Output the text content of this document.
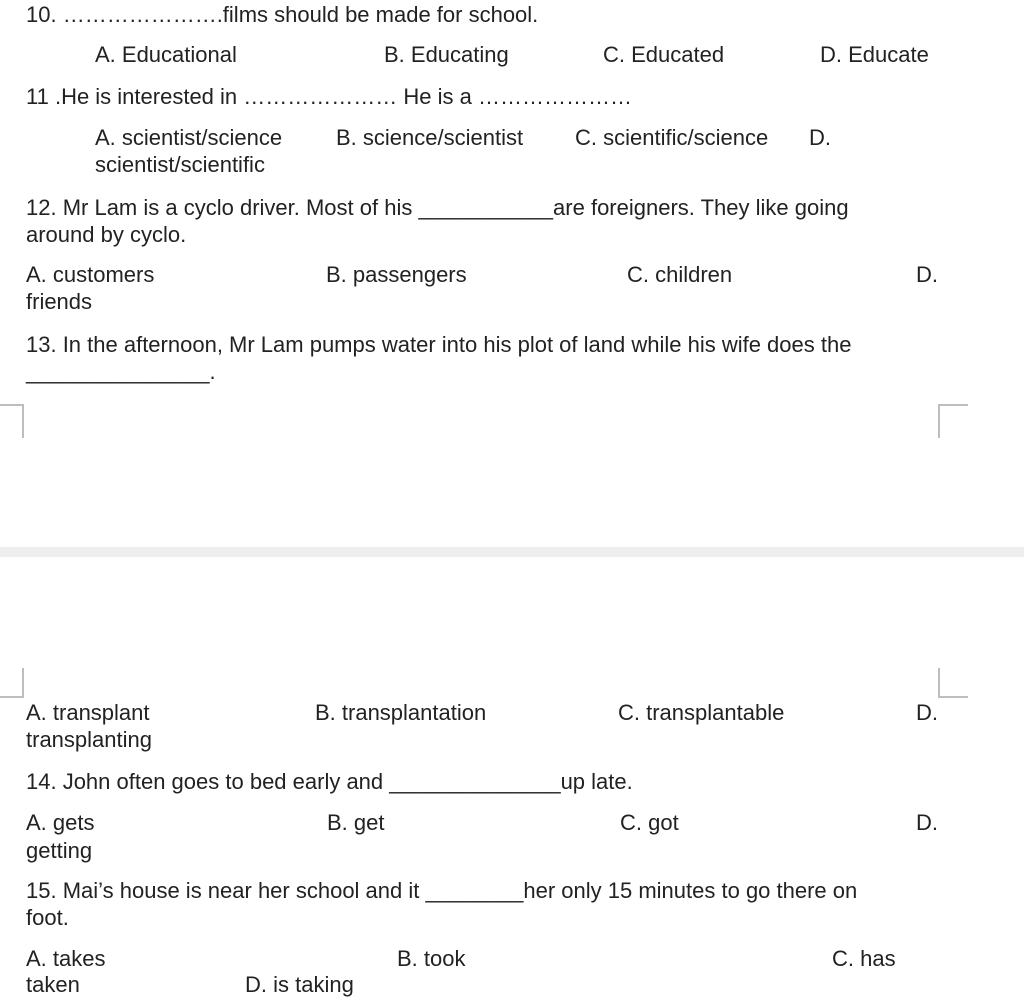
10. ………………….films should be made for school.
A. Educational	B. Educating	C. Educated	D. Educate
11 .He is interested in ………………… He is a …………………
A. scientist/science B. science/scientist C. scientific/science D.
scientist/scientific
12. Mr Lam is a cyclo driver. Most of his ___________are foreigners. They like going
around by cyclo.
A. customers	B. passengers	C. children	D.
friends
13. In the afternoon, Mr Lam pumps water into his plot of land while his wife does the
_______________.
A. transplant	B. transplantation	C. transplantable	D.
transplanting
14. John often goes to bed early and ______________up late.
A. gets	B. get	C. got	D.
getting
15. Mai’s house is near her school and it ________her only 15 minutes to go there on
foot.
A. takes	B. took	C. has
taken	D. is taking
